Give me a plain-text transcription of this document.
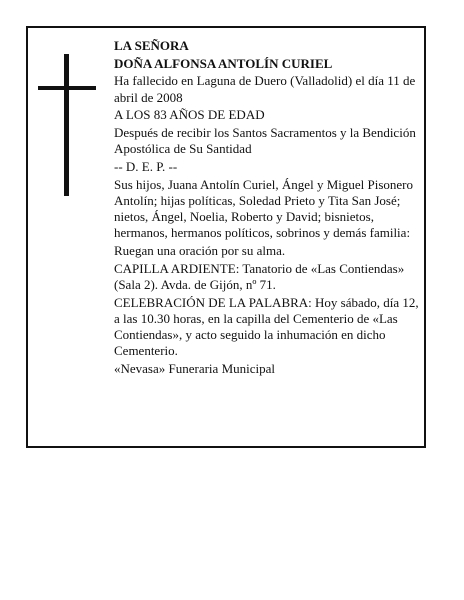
LA SEÑORA

DOÑA ALFONSA ANTOLÍN CURIEL

Ha fallecido en Laguna de Duero (Valladolid) el día 11 de abril de 2008

A LOS 83 AÑOS DE EDAD

Después de recibir los Santos Sacramentos y la Bendición Apostólica de Su Santidad

-- D. E. P. --

Sus hijos, Juana Antolín Curiel, Ángel y Miguel Pisonero Antolín; hijas políticas, Soledad Prieto y Tita San José; nietos, Ángel, Noelia, Roberto y David; bisnietos, hermanos, hermanos políticos, sobrinos y demás familia:

Ruegan una oración por su alma.

CAPILLA ARDIENTE: Tanatorio de «Las Contiendas» (Sala 2). Avda. de Gijón, nº 71.

CELEBRACIÓN DE LA PALABRA: Hoy sábado, día 12, a las 10.30 horas, en la capilla del Cementerio de «Las Contiendas», y acto seguido la inhumación en dicho Cementerio.

«Nevasa» Funeraria Municipal
